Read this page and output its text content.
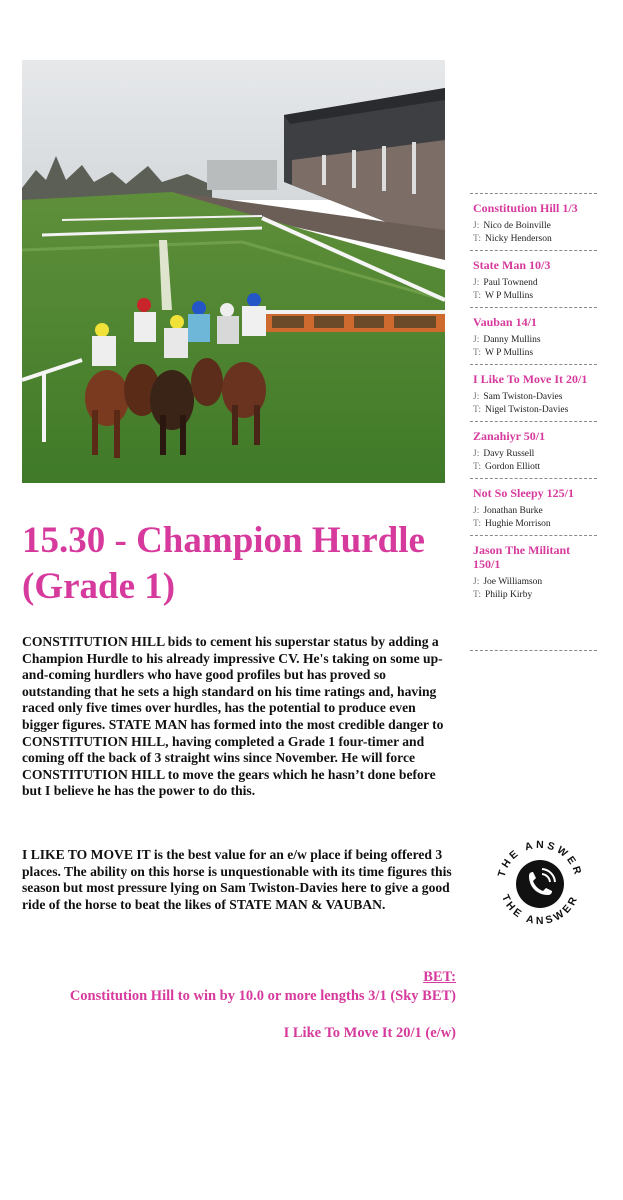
Constitution Hill 1/3
J: Nico de Boinville
T: Nicky Henderson
State Man 10/3
J: Paul Townend
T: W P Mullins
Vauban 14/1
J: Danny Mullins
T: W P Mullins
I Like To Move It 20/1
J: Sam Twiston-Davies
T: Nigel Twiston-Davies
Zanahiyr 50/1
J: Davy Russell
T: Gordon Elliott
Not So Sleepy 125/1
J: Jonathan Burke
T: Hughie Morrison
Jason The Militant 150/1
J: Joe Williamson
T: Philip Kirby
15.30 - Champion Hurdle (Grade 1)

CONSTITUTION HILL bids to cement his superstar status by adding a Champion Hurdle to his already impressive CV. He's taking on some up-and-coming hurdlers who have good profiles but has proved so outstanding that he sets a high standard on his time ratings and, having raced only five times over hurdles, has the potential to produce even bigger figures. STATE MAN has formed into the most credible danger to CONSTITUTION HILL, having completed a Grade 1 four-timer and coming off the back of 3 straight wins since November. He will force CONSTITUTION HILL to move the gears which he hasn’t done before but I believe he has the power to do this.

I LIKE TO MOVE IT is the best value for an e/w place if being offered 3 places. The ability on this horse is unquestionable with its time figures this season but most pressure lying on Sam Twiston-Davies here to give a good ride of the horse to beat the likes of STATE MAN & VAUBAN.

THE ANSWER
THE ANSWER
BET:
Constitution Hill to win by 10.0 or more lengths 3/1 (Sky BET)
I Like To Move It 20/1 (e/w)
